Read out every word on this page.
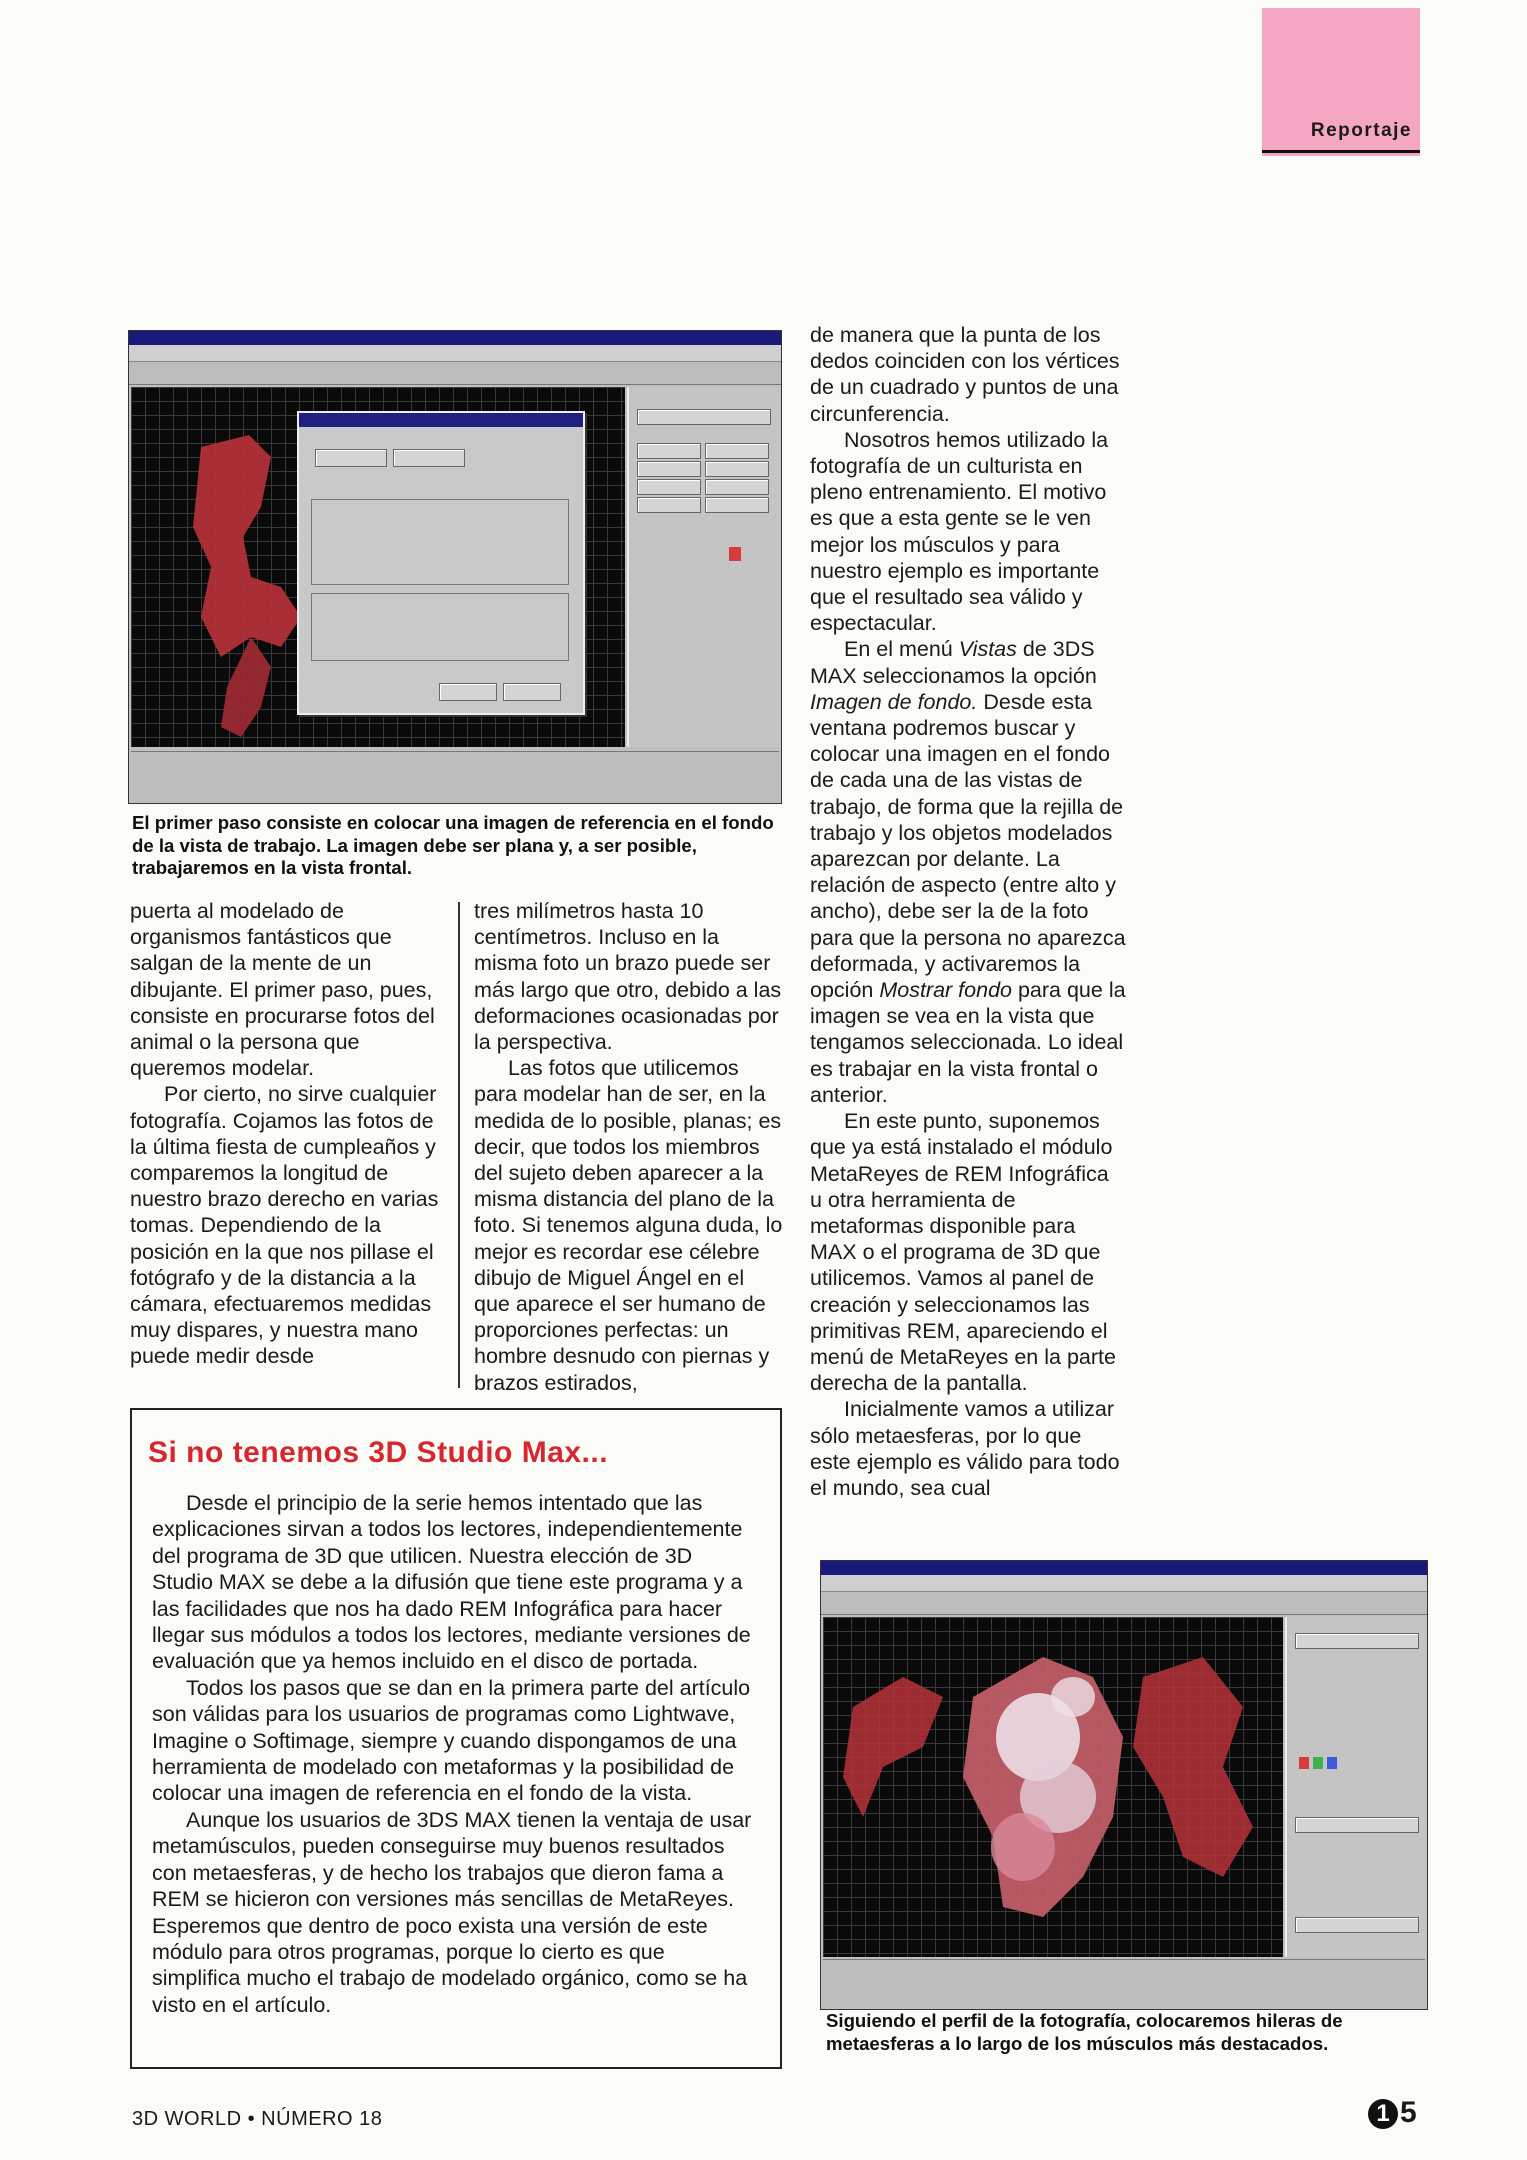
Reportaje
El primer paso consiste en colocar una imagen de referencia en el fondo de la vista de trabajo. La imagen debe ser plana y, a ser posible, trabajaremos en la vista frontal.

puerta al modelado de organismos fantásticos que salgan de la mente de un dibujante. El primer paso, pues, consiste en procurarse fotos del animal o la persona que queremos modelar.

Por cierto, no sirve cualquier fotografía. Cojamos las fotos de la última fiesta de cumpleaños y comparemos la longitud de nuestro brazo derecho en varias tomas. Dependiendo de la posición en la que nos pillase el fotógrafo y de la distancia a la cámara, efectuaremos medidas muy dispares, y nuestra mano puede medir desde

tres milímetros hasta 10 centímetros. Incluso en la misma foto un brazo puede ser más largo que otro, debido a las deformaciones ocasionadas por la perspectiva.

Las fotos que utilicemos para modelar han de ser, en la medida de lo posible, planas; es decir, que todos los miembros del sujeto deben aparecer a la misma distancia del plano de la foto. Si tenemos alguna duda, lo mejor es recordar ese célebre dibujo de Miguel Ángel en el que aparece el ser humano de proporciones perfectas: un hombre desnudo con piernas y brazos estirados,

de manera que la punta de los dedos coinciden con los vértices de un cuadrado y puntos de una circunferencia.

Nosotros hemos utilizado la fotografía de un culturista en pleno entrenamiento. El motivo es que a esta gente se le ven mejor los músculos y para nuestro ejemplo es importante que el resultado sea válido y espectacular.

En el menú Vistas de 3DS MAX seleccionamos la opción Imagen de fondo. Desde esta ventana podremos buscar y colocar una imagen en el fondo de cada una de las vistas de trabajo, de forma que la rejilla de trabajo y los objetos modelados aparezcan por delante. La relación de aspecto (entre alto y ancho), debe ser la de la foto para que la persona no aparezca deformada, y activaremos la opción Mostrar fondo para que la imagen se vea en la vista que tengamos seleccionada. Lo ideal es trabajar en la vista frontal o anterior.

En este punto, suponemos que ya está instalado el módulo MetaReyes de REM Infográfica u otra herramienta de metaformas disponible para MAX o el programa de 3D que utilicemos. Vamos al panel de creación y seleccionamos las primitivas REM, apareciendo el menú de MetaReyes en la parte derecha de la pantalla.

Inicialmente vamos a utilizar sólo metaesferas, por lo que este ejemplo es válido para todo el mundo, sea cual

Si no tenemos 3D Studio Max...

Desde el principio de la serie hemos intentado que las explicaciones sirvan a todos los lectores, independientemente del programa de 3D que utilicen. Nuestra elección de 3D Studio MAX se debe a la difusión que tiene este programa y a las facilidades que nos ha dado REM Infográfica para hacer llegar sus módulos a todos los lectores, mediante versiones de evaluación que ya hemos incluido en el disco de portada.

Todos los pasos que se dan en la primera parte del artículo son válidas para los usuarios de programas como Lightwave, Imagine o Softimage, siempre y cuando dispongamos de una herramienta de modelado con metaformas y la posibilidad de colocar una imagen de referencia en el fondo de la vista.

Aunque los usuarios de 3DS MAX tienen la ventaja de usar metamúsculos, pueden conseguirse muy buenos resultados con metaesferas, y de hecho los trabajos que dieron fama a REM se hicieron con versiones más sencillas de MetaReyes. Esperemos que dentro de poco exista una versión de este módulo para otros programas, porque lo cierto es que simplifica mucho el trabajo de modelado orgánico, como se ha visto en el artículo.

Siguiendo el perfil de la fotografía, colocaremos hileras de metaesferas a lo largo de los músculos más destacados.
3D WORLD • NÚMERO 18	1 5
